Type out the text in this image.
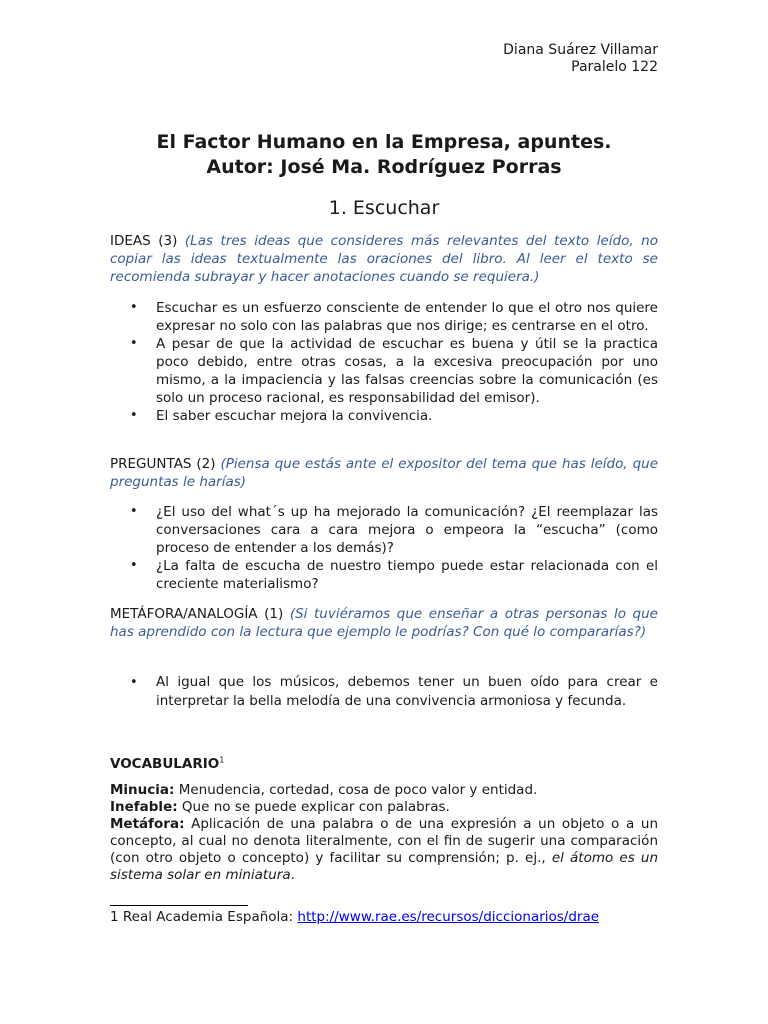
Diana Suárez Villamar
Paralelo 122
El Factor Humano en la Empresa, apuntes.
Autor: José Ma. Rodríguez Porras
1. Escuchar
IDEAS (3) (Las tres ideas que consideres más relevantes del texto leído, no copiar las ideas textualmente las oraciones del libro. Al leer el texto se recomienda subrayar y hacer anotaciones cuando se requiera.)
• Escuchar es un esfuerzo consciente de entender lo que el otro nos quiere expresar no solo con las palabras que nos dirige; es centrarse en el otro.
• A pesar de que la actividad de escuchar es buena y útil se la practica poco debido, entre otras cosas, a la excesiva preocupación por uno mismo, a la impaciencia y las falsas creencias sobre la comunicación (es solo un proceso racional, es responsabilidad del emisor).
• El saber escuchar mejora la convivencia.
PREGUNTAS (2) (Piensa que estás ante el expositor del tema que has leído, que preguntas le harías)
• ¿El uso del what´s up ha mejorado la comunicación? ¿El reemplazar las conversaciones cara a cara mejora o empeora la “escucha” (como proceso de entender a los demás)?
• ¿La falta de escucha de nuestro tiempo puede estar relacionada con el creciente materialismo?
METÁFORA/ANALOGÍA (1) (Si tuviéramos que enseñar a otras personas lo que has aprendido con la lectura que ejemplo le podrías? Con qué lo compararías?)
• Al igual que los músicos, debemos tener un buen oído para crear e interpretar la bella melodía de una convivencia armoniosa y fecunda.
VOCABULARIO$^1$
Minucia: Menudencia, cortedad, cosa de poco valor y entidad.
Inefable: Que no se puede explicar con palabras.
Metáfora: Aplicación de una palabra o de una expresión a un objeto o a un concepto, al cual no denota literalmente, con el fin de sugerir una comparación (con otro objeto o concepto) y facilitar su comprensión; p. ej., el átomo es un sistema solar en miniatura.
1 Real Academia Española: http://www.rae.es/recursos/diccionarios/drae
